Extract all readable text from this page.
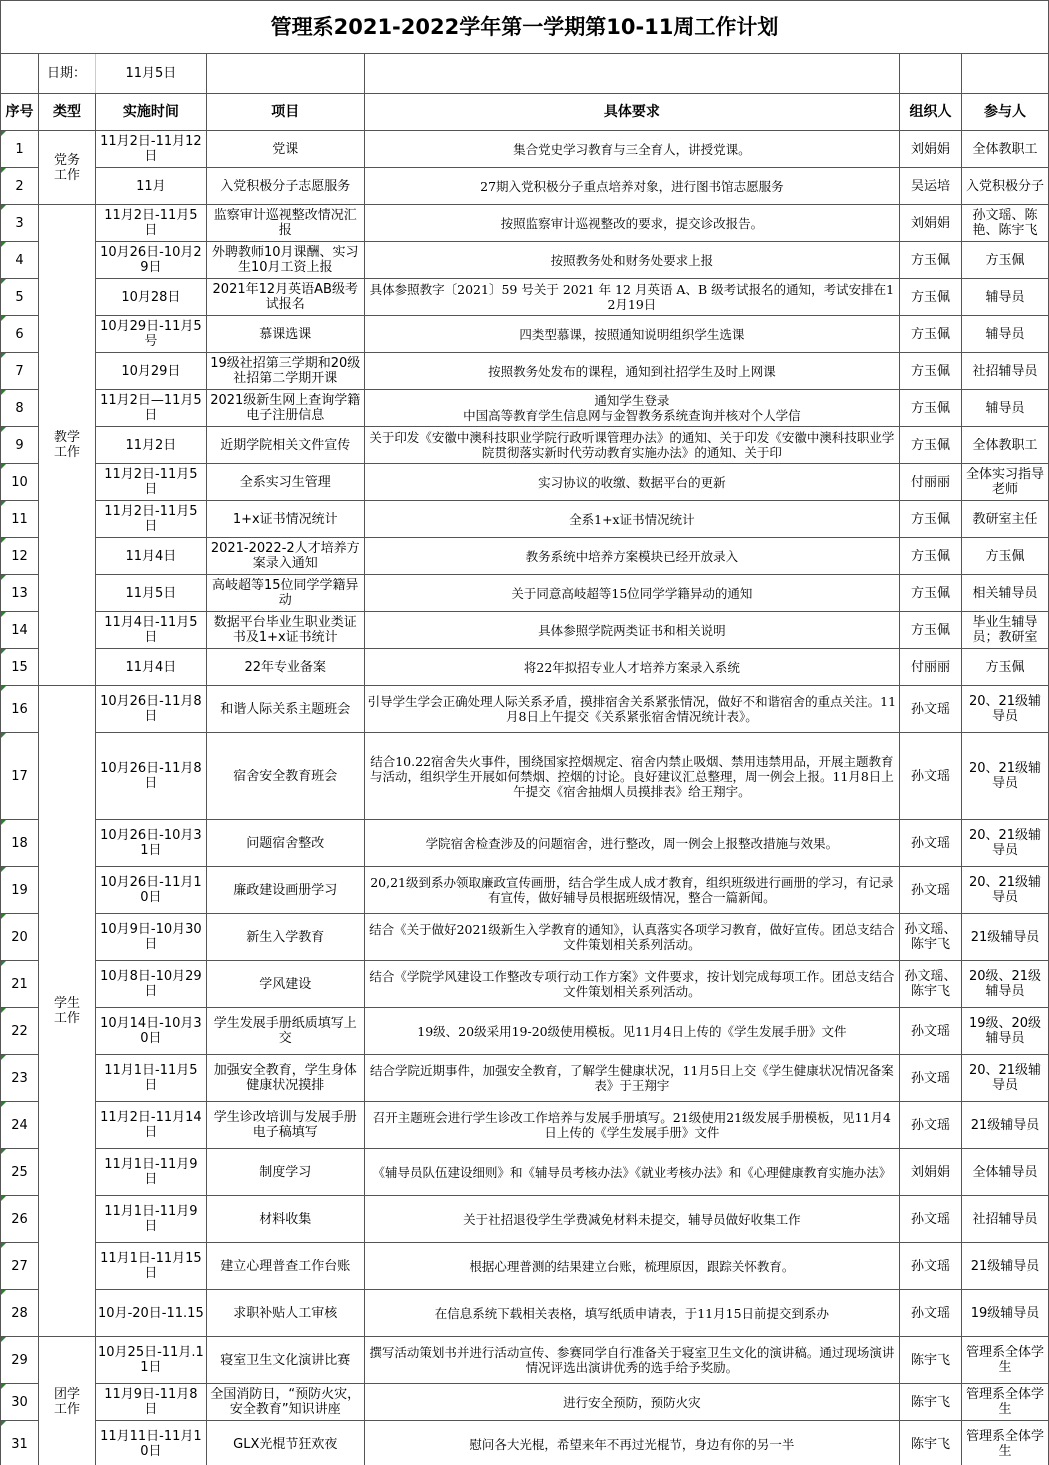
管理系2021-2022学年第一学期第10-11周工作计划						
	日期：	11月5日				
序号	类型	实施时间	项目	具体要求	组织人	参与人

1	党务工作	11月2日-11月12日	党课	集合党史学习教育与三全育人，讲授党课。	刘娟娟	全体教职工

2		11月	入党积极分子志愿服务	27期入党积极分子重点培养对象，进行图书馆志愿服务	吴运培	入党积极分子

3	教学工作	11月2日-11月5日	监察审计巡视整改情况汇报	按照监察审计巡视整改的要求，提交诊改报告。	刘娟娟	孙文瑶、陈艳、陈宇飞

4		10月26日-10月29日	外聘教师10月课酬、实习生10月工资上报	按照教务处和财务处要求上报	方玉佩	方玉佩

5		10月28日	2021年12月英语AB级考试报名	具体参照教字〔2021〕59 号关于 2021 年 12 月英语 A、B 级考试报名的通知，考试安排在12月19日	方玉佩	辅导员

6		10月29日-11月5号	慕课选课	四类型慕课，按照通知说明组织学生选课	方玉佩	辅导员

7		10月29日	19级社招第三学期和20级社招第二学期开课	按照教务处发布的课程，通知到社招学生及时上网课	方玉佩	社招辅导员

8		11月2日—11月5日	2021级新生网上查询学籍电子注册信息	通知学生登录
中国高等教育学生信息网与金智教务系统查询并核对个人学信	方玉佩	辅导员

9		11月2日	近期学院相关文件宣传	关于印发《安徽中澳科技职业学院行政听课管理办法》的通知、关于印发《安徽中澳科技职业学院贯彻落实新时代劳动教育实施办法》的通知、关于印	方玉佩	全体教职工

10		11月2日-11月5日	全系实习生管理	实习协议的收缴、数据平台的更新	付丽丽	全体实习指导老师

11		11月2日-11月5日	1+x证书情况统计	全系1+x证书情况统计	方玉佩	教研室主任

12		11月4日	2021-2022-2人才培养方案录入通知	教务系统中培养方案模块已经开放录入	方玉佩	方玉佩

13		11月5日	高岐超等15位同学学籍异动	关于同意高岐超等15位同学学籍异动的通知	方玉佩	相关辅导员

14		11月4日-11月5日	数据平台毕业生职业类证书及1+x证书统计	具体参照学院两类证书和相关说明	方玉佩	毕业生辅导员；教研室

15		11月4日	22年专业备案	将22年拟招专业人才培养方案录入系统	付丽丽	方玉佩

16	学生工作	10月26日-11月8日	和谐人际关系主题班会	引导学生学会正确处理人际关系矛盾，摸排宿舍关系紧张情况，做好不和谐宿舍的重点关注。11月8日上午提交《关系紧张宿舍情况统计表》。	孙文瑶	20、21级辅导员

17		10月26日-11月8日	宿舍安全教育班会	结合10.22宿舍失火事件，围绕国家控烟规定、宿舍内禁止吸烟、禁用违禁用品，开展主题教育与活动，组织学生开展如何禁烟、控烟的讨论。良好建议汇总整理，周一例会上报。11月8日上午提交《宿舍抽烟人员摸排表》给王翔宇。	孙文瑶	20、21级辅导员

18		10月26日-10月31日	问题宿舍整改	学院宿舍检查涉及的问题宿舍，进行整改，周一例会上报整改措施与效果。	孙文瑶	20、21级辅导员

19		10月26日-11月10日	廉政建设画册学习	20,21级到系办领取廉政宣传画册，结合学生成人成才教育，组织班级进行画册的学习，有记录有宣传，做好辅导员根据班级情况，整合一篇新闻。	孙文瑶	20、21级辅导员

20		10月9日-10月30日	新生入学教育	结合《关于做好2021级新生入学教育的通知》，认真落实各项学习教育，做好宣传。团总支结合文件策划相关系列活动。	孙文瑶、陈宇飞	21级辅导员

21		10月8日-10月29日	学风建设	结合《学院学风建设工作整改专项行动工作方案》文件要求，按计划完成每项工作。团总支结合文件策划相关系列活动。	孙文瑶、陈宇飞	20级、21级辅导员

22		10月14日-10月30日	学生发展手册纸质填写上交	19级、20级采用19-20级使用模板。见11月4日上传的《学生发展手册》文件	孙文瑶	19级、20级辅导员

23		11月1日-11月5日	加强安全教育，学生身体健康状况摸排	结合学院近期事件，加强安全教育，了解学生健康状况，11月5日上交《学生健康状况情况备案表》于王翔宇	孙文瑶	20、21级辅导员

24		11月2日-11月14日	学生诊改培训与发展手册电子稿填写	召开主题班会进行学生诊改工作培养与发展手册填写。21级使用21级发展手册模板，见11月4日上传的《学生发展手册》文件	孙文瑶	21级辅导员

25		11月1日-11月9日	制度学习	《辅导员队伍建设细则》和《辅导员考核办法》《就业考核办法》和《心理健康教育实施办法》	刘娟娟	全体辅导员

26		11月1日-11月9日	材料收集	关于社招退役学生学费减免材料未提交，辅导员做好收集工作	孙文瑶	社招辅导员

27		11月1日-11月15日	建立心理普查工作台账	根据心理普测的结果建立台账，梳理原因，跟踪关怀教育。	孙文瑶	21级辅导员

28		10月-20日-11.15	求职补贴人工审核	在信息系统下载相关表格，填写纸质申请表，于11月15日前提交到系办	孙文瑶	19级辅导员

29	团学工作	10月25日-11月.11日	寝室卫生文化演讲比赛	撰写活动策划书并进行活动宣传、参赛同学自行准备关于寝室卫生文化的演讲稿。通过现场演讲情况评选出演讲优秀的选手给予奖励。	陈宇飞	管理系全体学生

30		11月9日-11月8日	全国消防日，“预防火灾，安全教育”知识讲座	进行安全预防，预防火灾	陈宇飞	管理系全体学生

31		11月11日-11月10日	GLX光棍节狂欢夜	慰问各大光棍，希望来年不再过光棍节，身边有你的另一半	陈宇飞	管理系全体学生
